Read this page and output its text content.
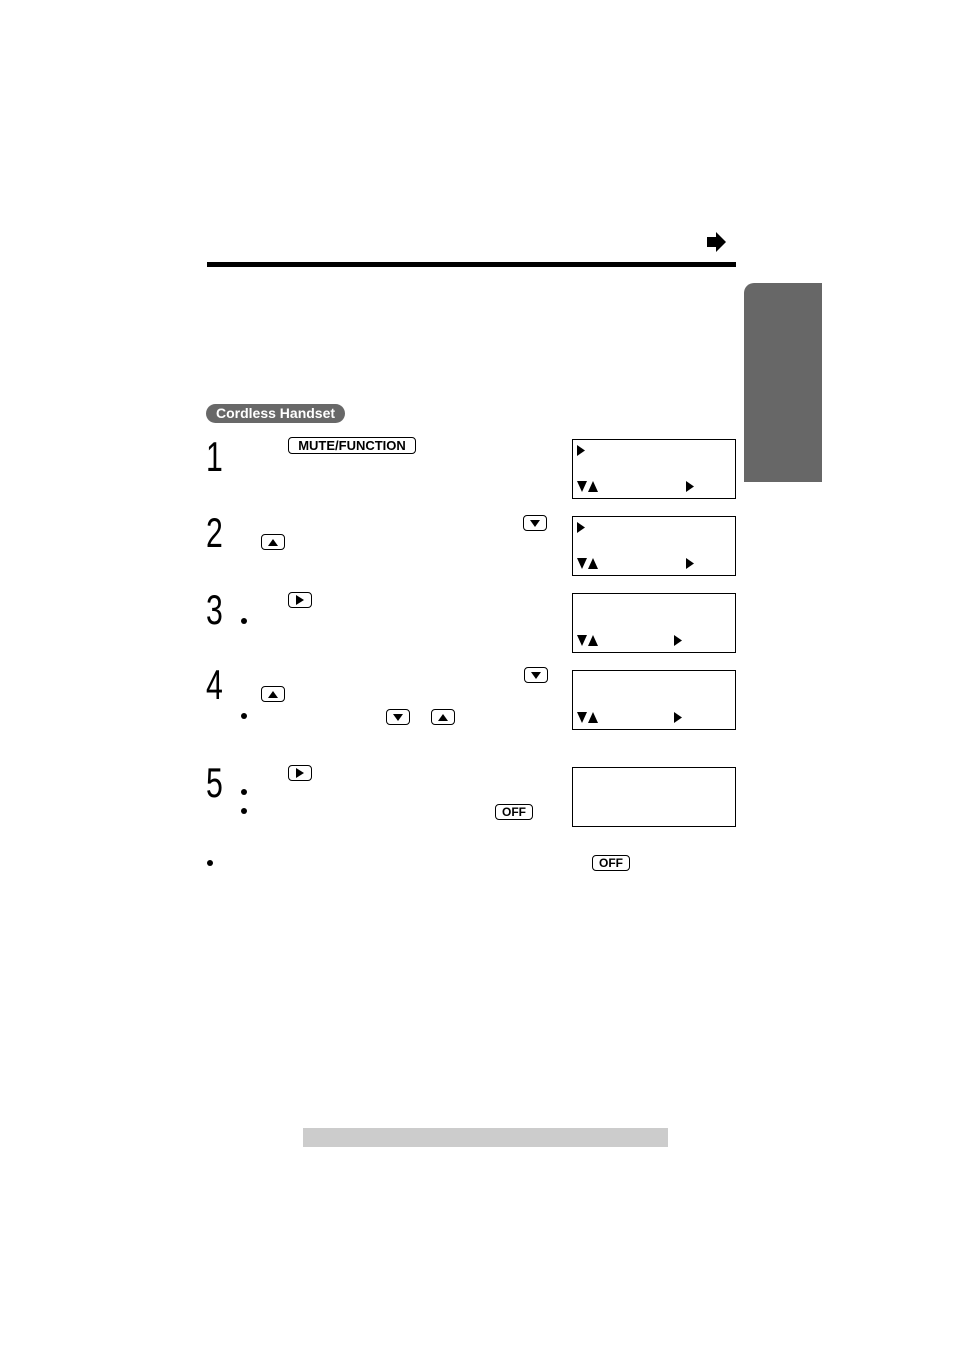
Cordless Handset
1
2
3
4
5
MUTE/FUNCTION
OFF
OFF
